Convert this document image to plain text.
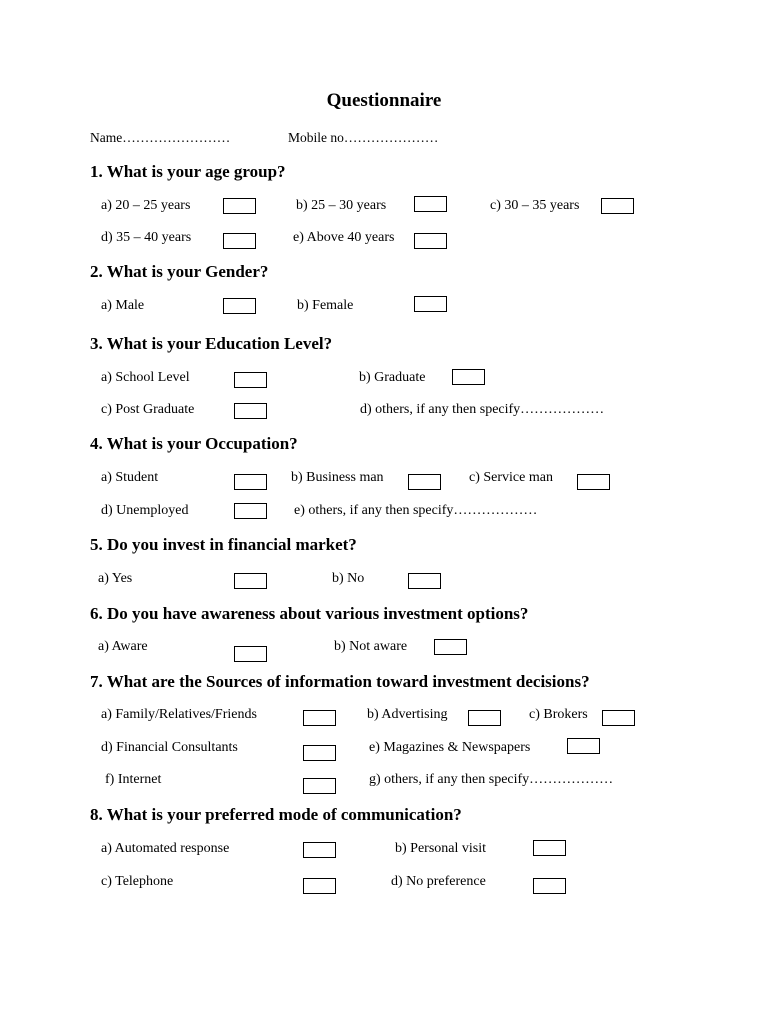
Questionnaire
Name……………………	Mobile no…………………
1. What is your age group?
a) 20 – 25 years	b) 25 – 30 years	c) 30 – 35 years
d) 35 – 40 years	e) Above 40 years
2. What is your Gender?
a) Male	b) Female
3. What is your Education Level?
a) School Level	b) Graduate
c) Post Graduate	d) others, if any then specify………………
4. What is your Occupation?
a) Student	b) Business man	c) Service man
d) Unemployed	e) others, if any then specify………………
5. Do you invest in financial market?
a) Yes	b) No
6. Do you have awareness about various investment options?
a) Aware	b) Not aware
7. What are the Sources of information toward investment decisions?
a) Family/Relatives/Friends	b) Advertising	c) Brokers
d) Financial Consultants	e) Magazines & Newspapers
f) Internet	g) others, if any then specify………………
8. What is your preferred mode of communication?
a) Automated response	b) Personal visit
c) Telephone	d) No preference
